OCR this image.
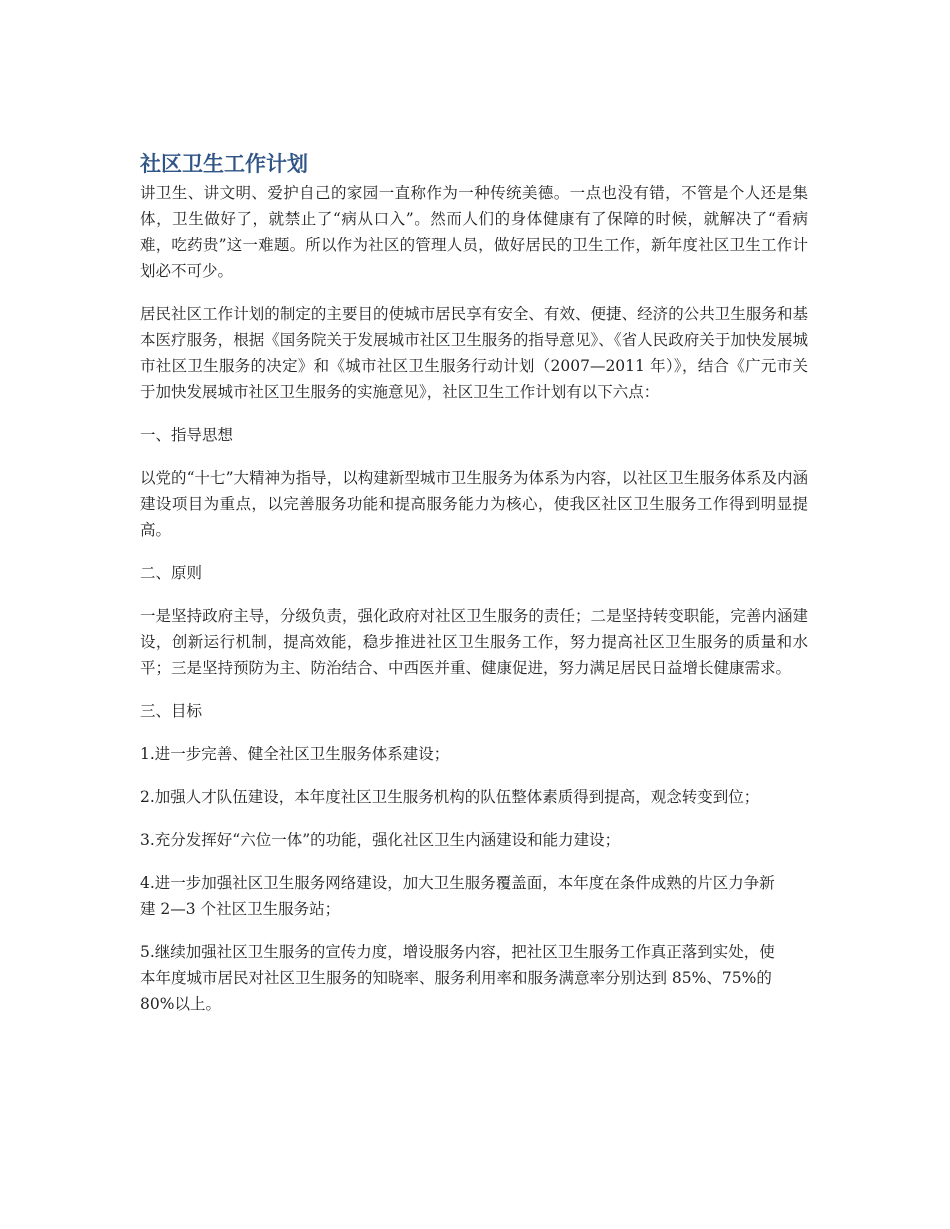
社区卫生工作计划

讲卫生、讲文明、爱护自己的家园一直称作为一种传统美德。一点也没有错，不管是个人还是集体，卫生做好了，就禁止了“病从口入”。然而人们的身体健康有了保障的时候，就解决了“看病难，吃药贵”这一难题。所以作为社区的管理人员，做好居民的卫生工作，新年度社区卫生工作计划必不可少。

居民社区工作计划的制定的主要目的使城市居民享有安全、有效、便捷、经济的公共卫生服务和基本医疗服务，根据《国务院关于发展城市社区卫生服务的指导意见》、《省人民政府关于加快发展城市社区卫生服务的决定》和《城市社区卫生服务行动计划（2007—2011 年）》，结合《广元市关于加快发展城市社区卫生服务的实施意见》，社区卫生工作计划有以下六点：

一、指导思想

以党的“十七”大精神为指导，以构建新型城市卫生服务为体系为内容，以社区卫生服务体系及内涵建设项目为重点，以完善服务功能和提高服务能力为核心，使我区社区卫生服务工作得到明显提高。

二、原则

一是坚持政府主导，分级负责，强化政府对社区卫生服务的责任；二是坚持转变职能，完善内涵建设，创新运行机制，提高效能，稳步推进社区卫生服务工作，努力提高社区卫生服务的质量和水平；三是坚持预防为主、防治结合、中西医并重、健康促进，努力满足居民日益增长健康需求。

三、目标

1.进一步完善、健全社区卫生服务体系建设；

2.加强人才队伍建设，本年度社区卫生服务机构的队伍整体素质得到提高，观念转变到位；

3.充分发挥好“六位一体”的功能，强化社区卫生内涵建设和能力建设；

4.进一步加强社区卫生服务网络建设，加大卫生服务覆盖面，本年度在条件成熟的片区力争新建 2—3 个社区卫生服务站；

5.继续加强社区卫生服务的宣传力度，增设服务内容，把社区卫生服务工作真正落到实处，使本年度城市居民对社区卫生服务的知晓率、服务利用率和服务满意率分别达到 85%、75%的 80%以上。
